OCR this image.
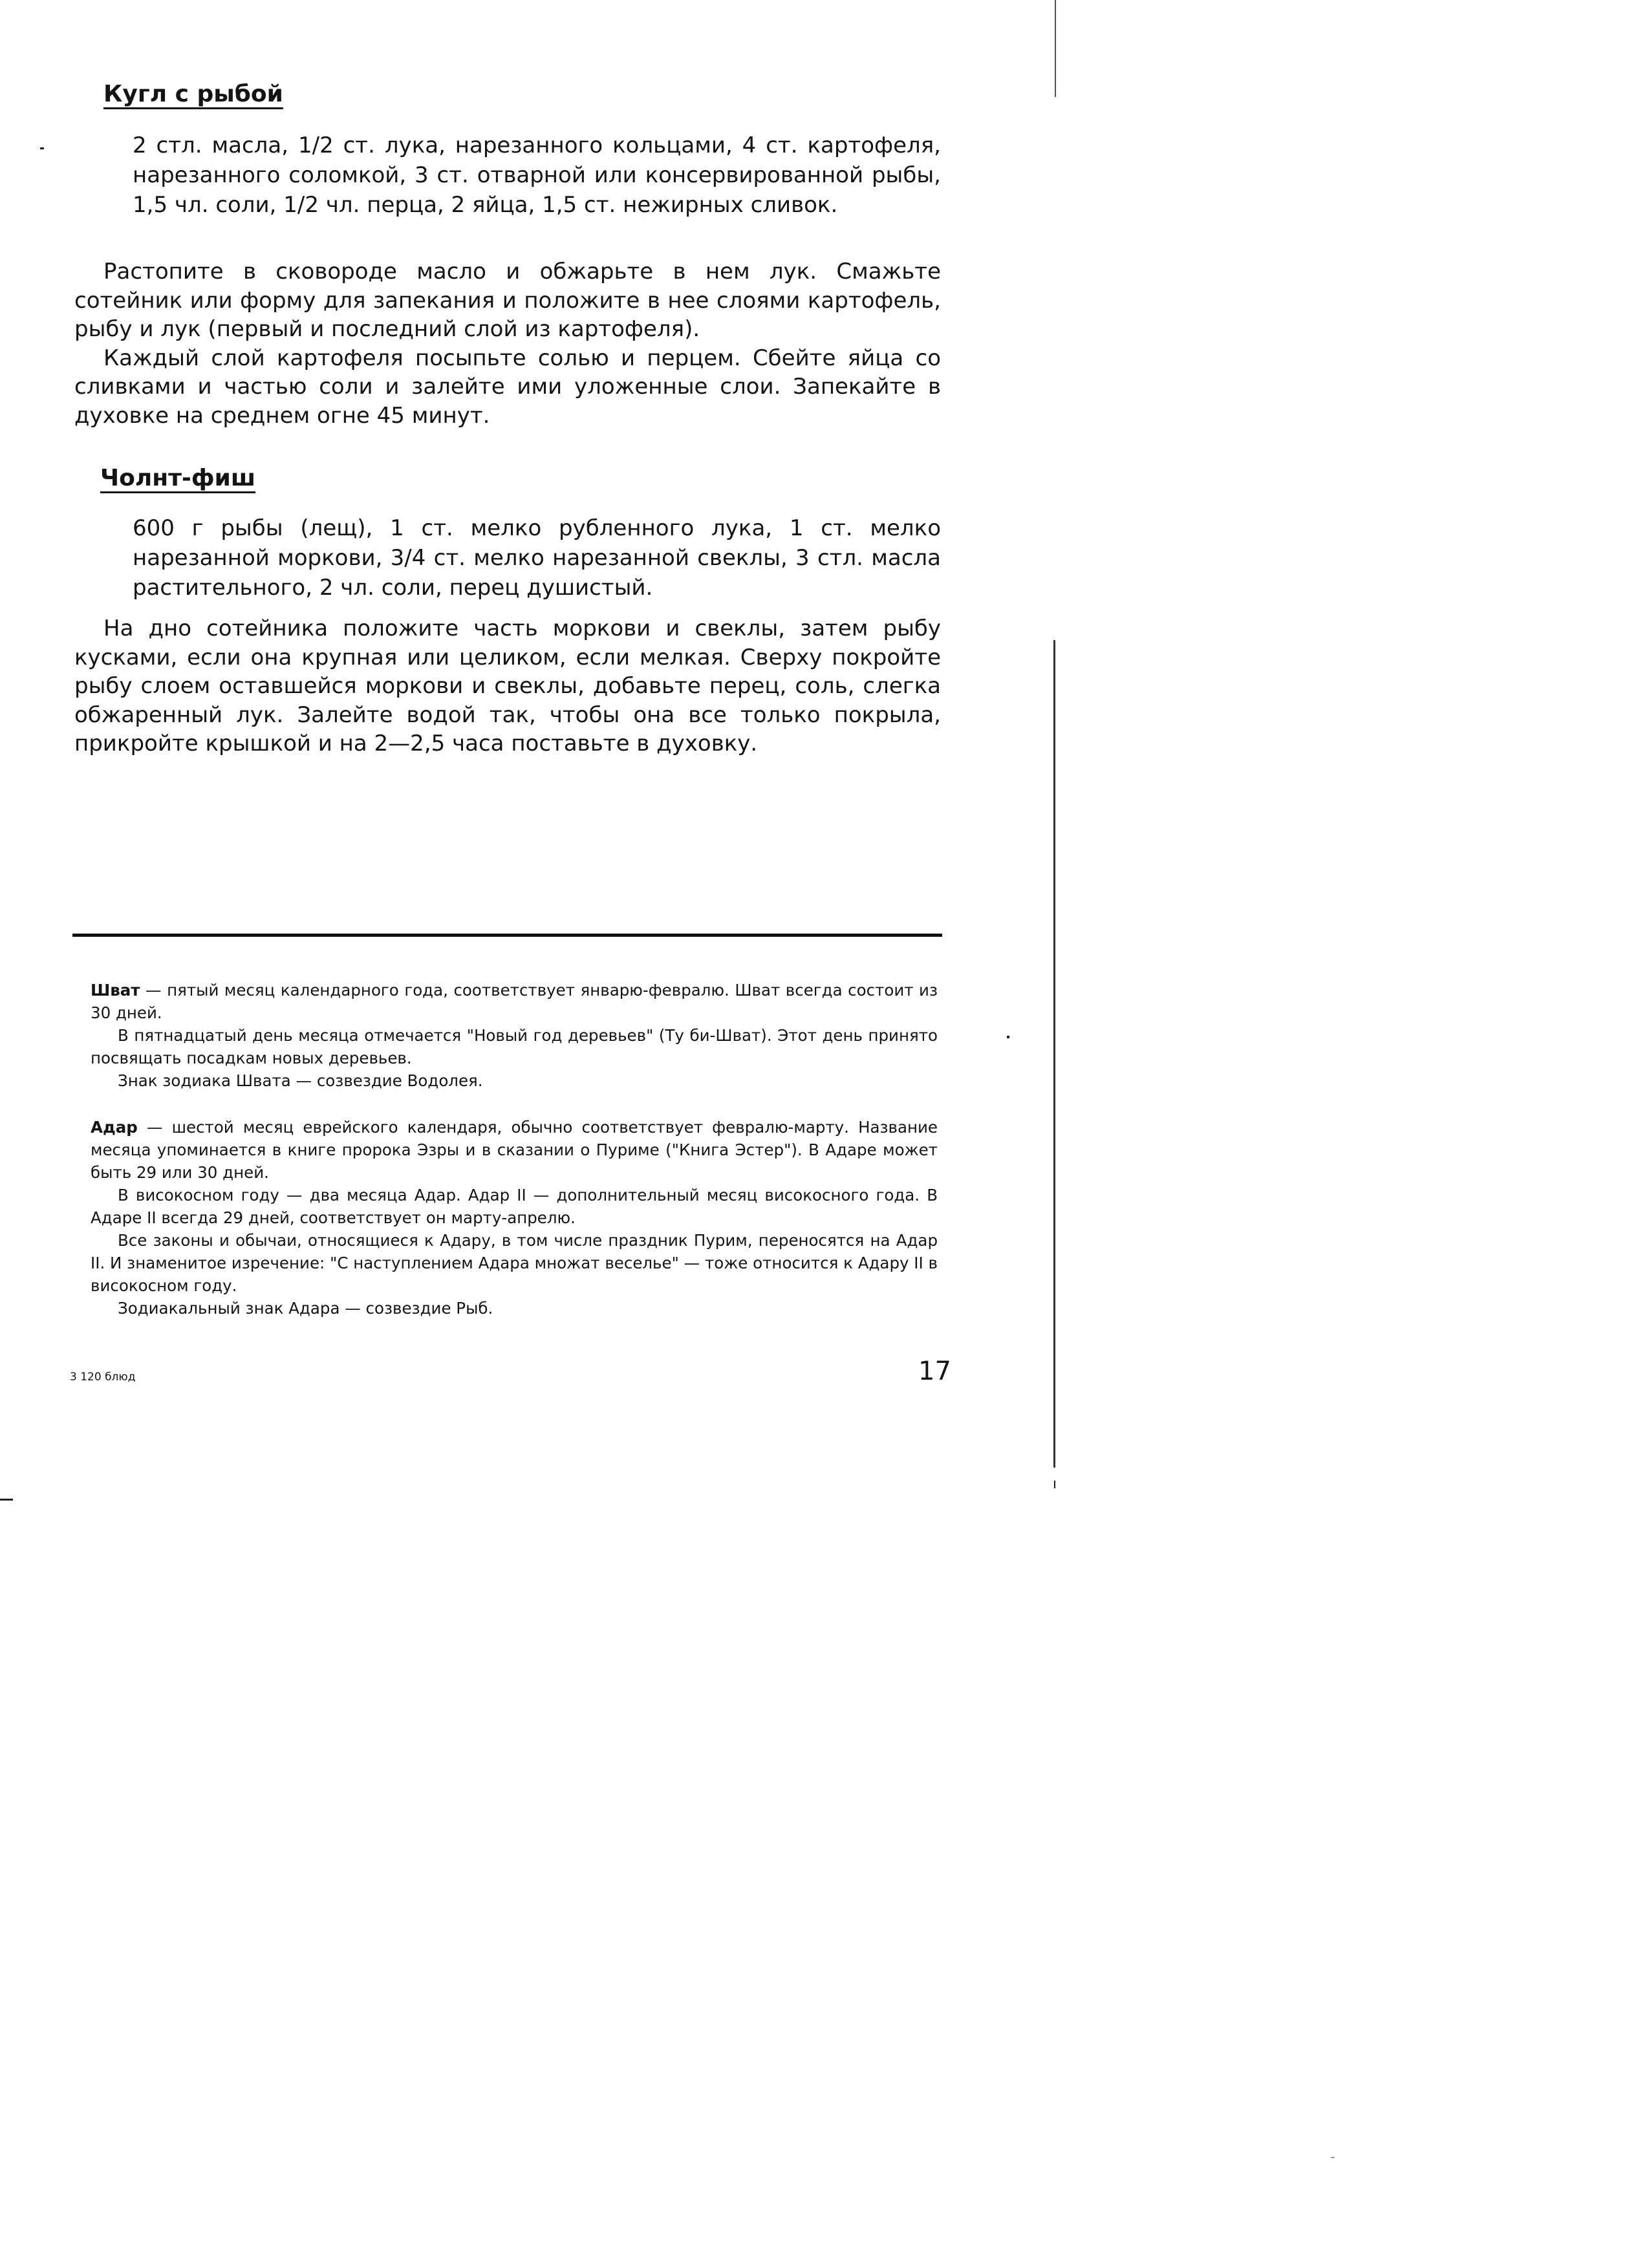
Кугл с рыбой

2 стл. масла, 1/2 ст. лука, нарезанного кольцами, 4 ст. картофеля, нарезанного соломкой, 3 ст. отварной или консервированной рыбы, 1,5 чл. соли, 1/2 чл. перца, 2 яйца, 1,5 ст. нежирных сливок.

Растопите в сковороде масло и обжарьте в нем лук. Смажьте сотейник или форму для запекания и положите в нее слоями картофель, рыбу и лук (первый и последний слой из картофеля).

Каждый слой картофеля посыпьте солью и перцем. Сбейте яйца со сливками и частью соли и залейте ими уложенные слои. Запекайте в духовке на среднем огне 45 минут.

Чолнт-фиш

600 г рыбы (лещ), 1 ст. мелко рубленного лука, 1 ст. мелко нарезанной моркови, 3/4 ст. мелко нарезанной свеклы, 3 стл. масла растительного, 2 чл. соли, перец душистый.

На дно сотейника положите часть моркови и свеклы, затем рыбу кусками, если она крупная или целиком, если мелкая. Сверху покройте рыбу слоем оставшейся моркови и свеклы, добавьте перец, соль, слегка обжаренный лук. Залейте водой так, чтобы она все только покрыла, прикройте крышкой и на 2—2,5 часа поставьте в духовку.

Шват — пятый месяц календарного года, соответствует январю-февралю. Шват всегда состоит из 30 дней.

В пятнадцатый день месяца отмечается "Новый год деревьев" (Ту би-Шват). Этот день принято посвящать посадкам новых деревьев.

Знак зодиака Швата — созвездие Водолея.

Адар — шестой месяц еврейского календаря, обычно соответствует февралю-марту. Название месяца упоминается в книге пророка Эзры и в сказании о Пуриме ("Книга Эстер"). В Адаре может быть 29 или 30 дней.

В високосном году — два месяца Адар. Адар II — дополнительный месяц високосного года. В Адаре II всегда 29 дней, соответствует он марту-апрелю.

Все законы и обычаи, относящиеся к Адару, в том числе праздник Пурим, переносятся на Адар II. И знаменитое изречение: "С наступлением Адара множат веселье" — тоже относится к Адару II в високосном году.

Зодиакальный знак Адара — созвездие Рыб.

3 120 блюд	17
